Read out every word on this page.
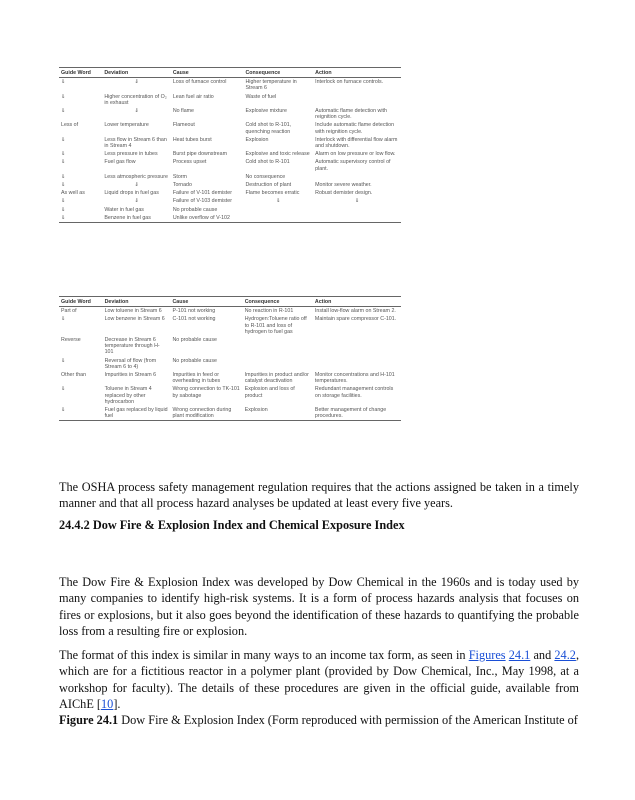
Guide Word	Deviation	Cause	Consequence	Action
⇓	⇓	Loss of furnace control	Higher temperature in Stream 6	Interlock on furnace controls.
⇓	Higher concentration of O₂ in exhaust	Lean fuel air ratio	Waste of fuel	
⇓	⇓	No flame	Explosive mixture	Automatic flame detection with reignition cycle.
Less of	Lower temperature	Flameout	Cold shot to R-101, quenching reaction	Include automatic flame detection with reignition cycle.
⇓	Less flow in Stream 6 than in Stream 4	Heat tubes burst	Explosion	Interlock with differential flow alarm and shutdown.
⇓	Less pressure in tubes	Burst pipe downstream	Explosive and toxic release	Alarm on low pressure or low flow.
⇓	Fuel gas flow	Process upset	Cold shot to R-101	Automatic supervisory control of plant.
⇓	Less atmospheric pressure	Storm	No consequence	
⇓	⇓	Tornado	Destruction of plant	Monitor severe weather.
As well as	Liquid drops in fuel gas	Failure of V-101 demister	Flame becomes erratic	Robust demister design.
⇓	⇓	Failure of V-103 demister	⇓	⇓
⇓	Water in fuel gas	No probable cause		
⇓	Benzene in fuel gas	Unlike overflow of V-102		
Guide Word	Deviation	Cause	Consequence	Action
Part of	Low toluene in Stream 6	P-101 not working	No reaction in R-101	Install low-flow alarm on Stream 2.
⇓	Low benzene in Stream 6	C-101 not working	Hydrogen:Toluene ratio off to R-101 and loss of hydrogen to fuel gas	Maintain spare compressor C-101.
Reverse	Decrease in Stream 6 temperature through H-101	No probable cause		
⇓	Reversal of flow (from Stream 6 to 4)	No probable cause		
Other than	Impurities in Stream 6	Impurities in feed or overheating in tubes	Impurities in product and/or catalyst deactivation	Monitor concentrations and H-101 temperatures.
⇓	Toluene in Stream 4 replaced by other hydrocarbon	Wrong connection to TK-101 by sabotage	Explosion and loss of product	Redundant management controls on storage facilities.
⇓	Fuel gas replaced by liquid fuel	Wrong connection during plant modification	Explosion	Better management of change procedures.

The OSHA process safety management regulation requires that the actions assigned be taken in a timely manner and that all process hazard analyses be updated at least every five years.

24.4.2 Dow Fire & Explosion Index and Chemical Exposure Index

The Dow Fire & Explosion Index was developed by Dow Chemical in the 1960s and is today used by many companies to identify high-risk systems. It is a form of process hazards analysis that focuses on fires or explosions, but it also goes beyond the identification of these hazards to quantifying the probable loss from a resulting fire or explosion.

The format of this index is similar in many ways to an income tax form, as seen in Figures 24.1 and 24.2, which are for a fictitious reactor in a polymer plant (provided by Dow Chemical, Inc., May 1998, at a workshop for faculty). The details of these procedures are given in the official guide, available from AIChE [10].

Figure 24.1 Dow Fire & Explosion Index (Form reproduced with permission of the American Institute of
